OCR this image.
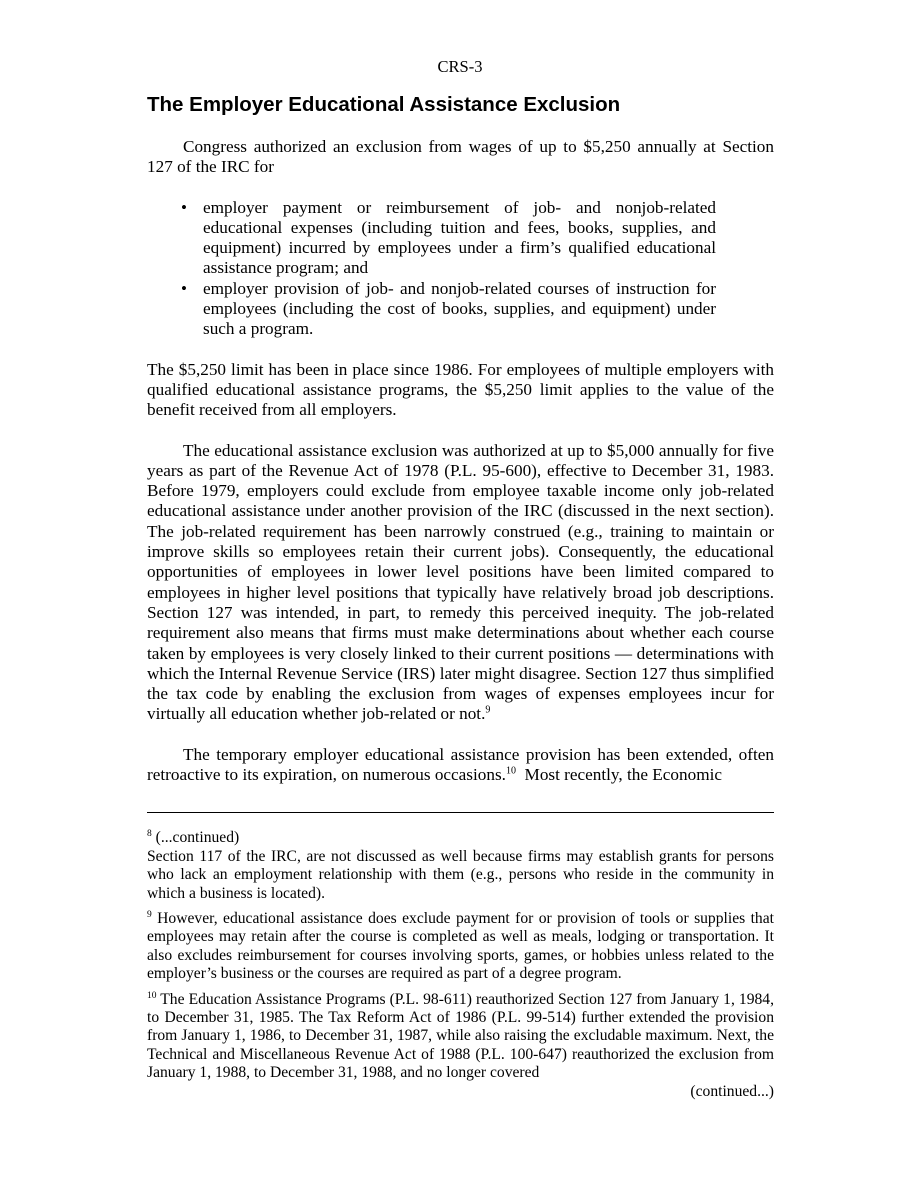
CRS-3
The Employer Educational Assistance Exclusion

Congress authorized an exclusion from wages of up to $5,250 annually at Section 127 of the IRC for

• employer payment or reimbursement of job- and nonjob-related educational expenses (including tuition and fees, books, supplies, and equipment) incurred by employees under a firm’s qualified educational assistance program; and
• employer provision of job- and nonjob-related courses of instruction for employees (including the cost of books, supplies, and equipment) under such a program.

The $5,250 limit has been in place since 1986. For employees of multiple employers with qualified educational assistance programs, the $5,250 limit applies to the value of the benefit received from all employers.

The educational assistance exclusion was authorized at up to $5,000 annually for five years as part of the Revenue Act of 1978 (P.L. 95-600), effective to December 31, 1983. Before 1979, employers could exclude from employee taxable income only job-related educational assistance under another provision of the IRC (discussed in the next section). The job-related requirement has been narrowly construed (e.g., training to maintain or improve skills so employees retain their current jobs). Consequently, the educational opportunities of employees in lower level positions have been limited compared to employees in higher level positions that typically have relatively broad job descriptions. Section 127 was intended, in part, to remedy this perceived inequity. The job-related requirement also means that firms must make determinations about whether each course taken by employees is very closely linked to their current positions — determinations with which the Internal Revenue Service (IRS) later might disagree. Section 127 thus simplified the tax code by enabling the exclusion from wages of expenses employees incur for virtually all education whether job-related or not.$^9$

The temporary employer educational assistance provision has been extended, often retroactive to its expiration, on numerous occasions.$^{10}$  Most recently, the Economic

$^8$ (...continued)
Section 117 of the IRC, are not discussed as well because firms may establish grants for persons who lack an employment relationship with them (e.g., persons who reside in the community in which a business is located).
$^9$ However, educational assistance does exclude payment for or provision of tools or supplies that employees may retain after the course is completed as well as meals, lodging or transportation. It also excludes reimbursement for courses involving sports, games, or hobbies unless related to the employer’s business or the courses are required as part of a degree program.
$^{10}$ The Education Assistance Programs (P.L. 98-611) reauthorized Section 127 from January 1, 1984, to December 31, 1985. The Tax Reform Act of 1986 (P.L. 99-514) further extended the provision from January 1, 1986, to December 31, 1987, while also raising the excludable maximum. Next, the Technical and Miscellaneous Revenue Act of 1988 (P.L. 100-647) reauthorized the exclusion from January 1, 1988, to December 31, 1988, and no longer covered
(continued...)
